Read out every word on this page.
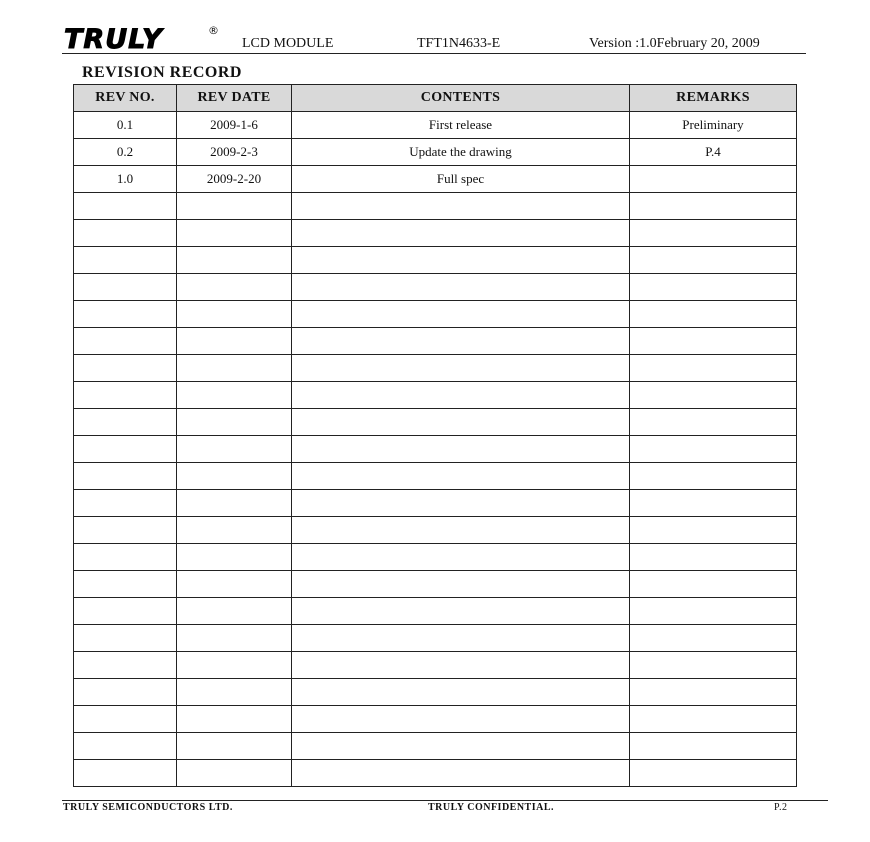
TRULY	®
LCD MODULE	TFT1N4633-E	Version :1.0February 20, 2009
REVISION RECORD
REV NO.	REV DATE	CONTENTS	REMARKS
0.1	2009-1-6	First release	Preliminary
0.2	2009-2-3	Update the drawing	P.4
1.0	2009-2-20	Full spec	

TRULY SEMICONDUCTORS LTD.	TRULY CONFIDENTIAL.	P.2
